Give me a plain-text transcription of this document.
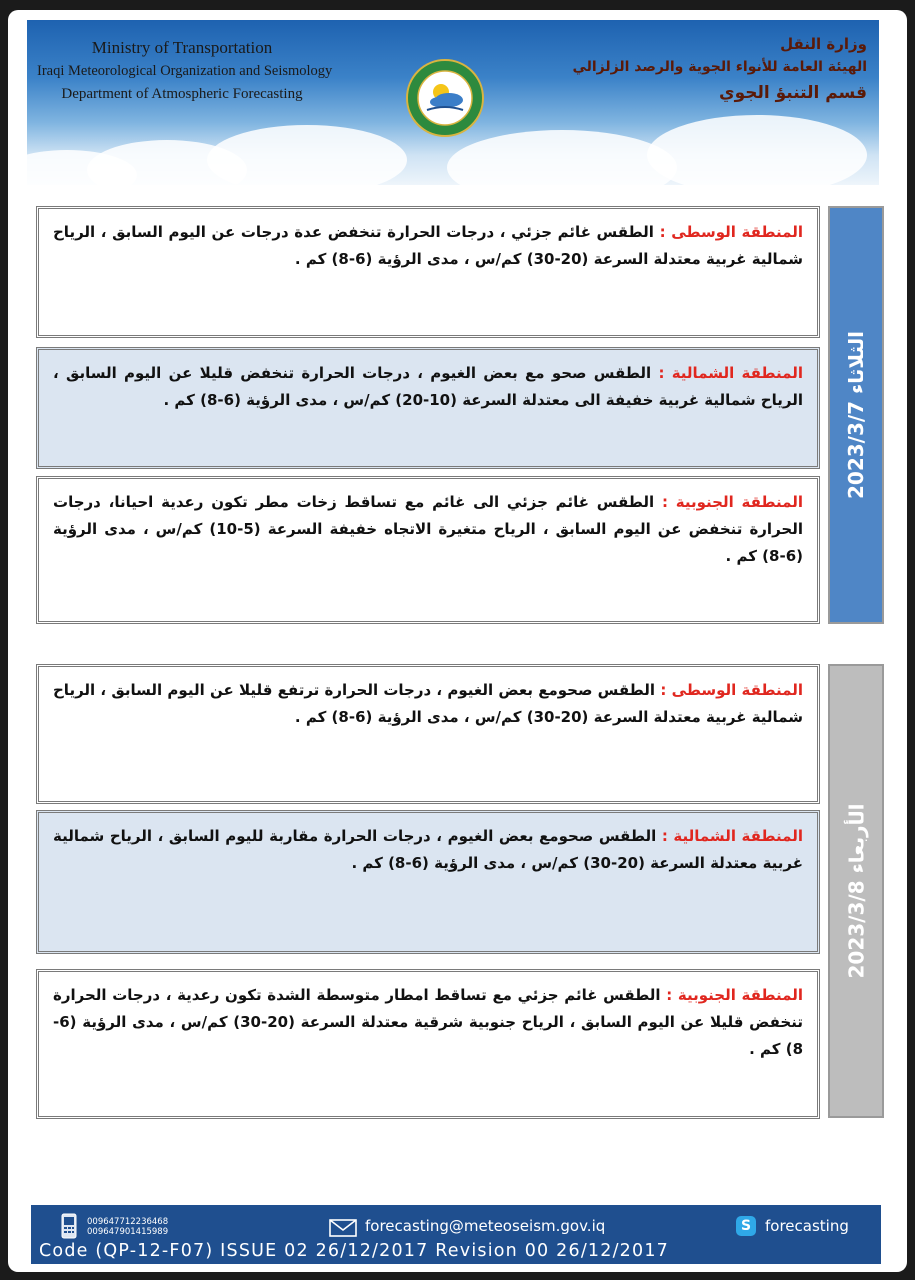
Ministry of Transportation
Iraqi Meteorological Organization and Seismology
Department of Atmospheric Forecasting
وزارة النقل
الهيئة العامة للأنواء الجوية والرصد الزلزالي
قسم التنبؤ الجوي
المنطقة الوسطى : الطقس غائم جزئي ، درجات الحرارة تنخفض عدة درجات عن اليوم السابق ، الرياح شمالية غربية معتدلة السرعة (20-30) كم/س ، مدى الرؤية (6-8) كم .
المنطقة الشمالية : الطقس صحو مع بعض الغيوم ، درجات الحرارة تنخفض قليلا عن اليوم السابق ، الرياح شمالية غربية خفيفة الى معتدلة السرعة (10-20) كم/س ، مدى الرؤية (6-8) كم .
المنطقة الجنوبية : الطقس غائم جزئي الى غائم مع تساقط زخات مطر تكون رعدية احيانا، درجات الحرارة تنخفض عن اليوم السابق ، الرياح متغيرة الاتجاه خفيفة السرعة (5-10) كم/س ، مدى الرؤية (6-8) كم .
الثلاثاء 2023/3/7
المنطقة الوسطى : الطقس صحومع بعض الغيوم ، درجات الحرارة ترتفع قليلا عن اليوم السابق ، الرياح شمالية غربية معتدلة السرعة (20-30) كم/س ، مدى الرؤية (6-8) كم .
المنطقة الشمالية : الطقس صحومع بعض الغيوم ، درجات الحرارة مقاربة لليوم السابق ، الرياح شمالية غربية معتدلة السرعة (20-30) كم/س ، مدى الرؤية (6-8) كم .
المنطقة الجنوبية : الطقس غائم جزئي مع تساقط امطار متوسطة الشدة تكون رعدية ، درجات الحرارة تنخفض قليلا عن اليوم السابق ، الرياح جنوبية شرقية معتدلة السرعة (20-30) كم/س ، مدى الرؤية (6-8) كم .
الأربعاء 2023/3/8
009647712236468
009647901415989	forecasting@meteoseism.gov.iq	S forecasting
Code (QP-12-F07) ISSUE 02 26/12/2017 Revision 00 26/12/2017
